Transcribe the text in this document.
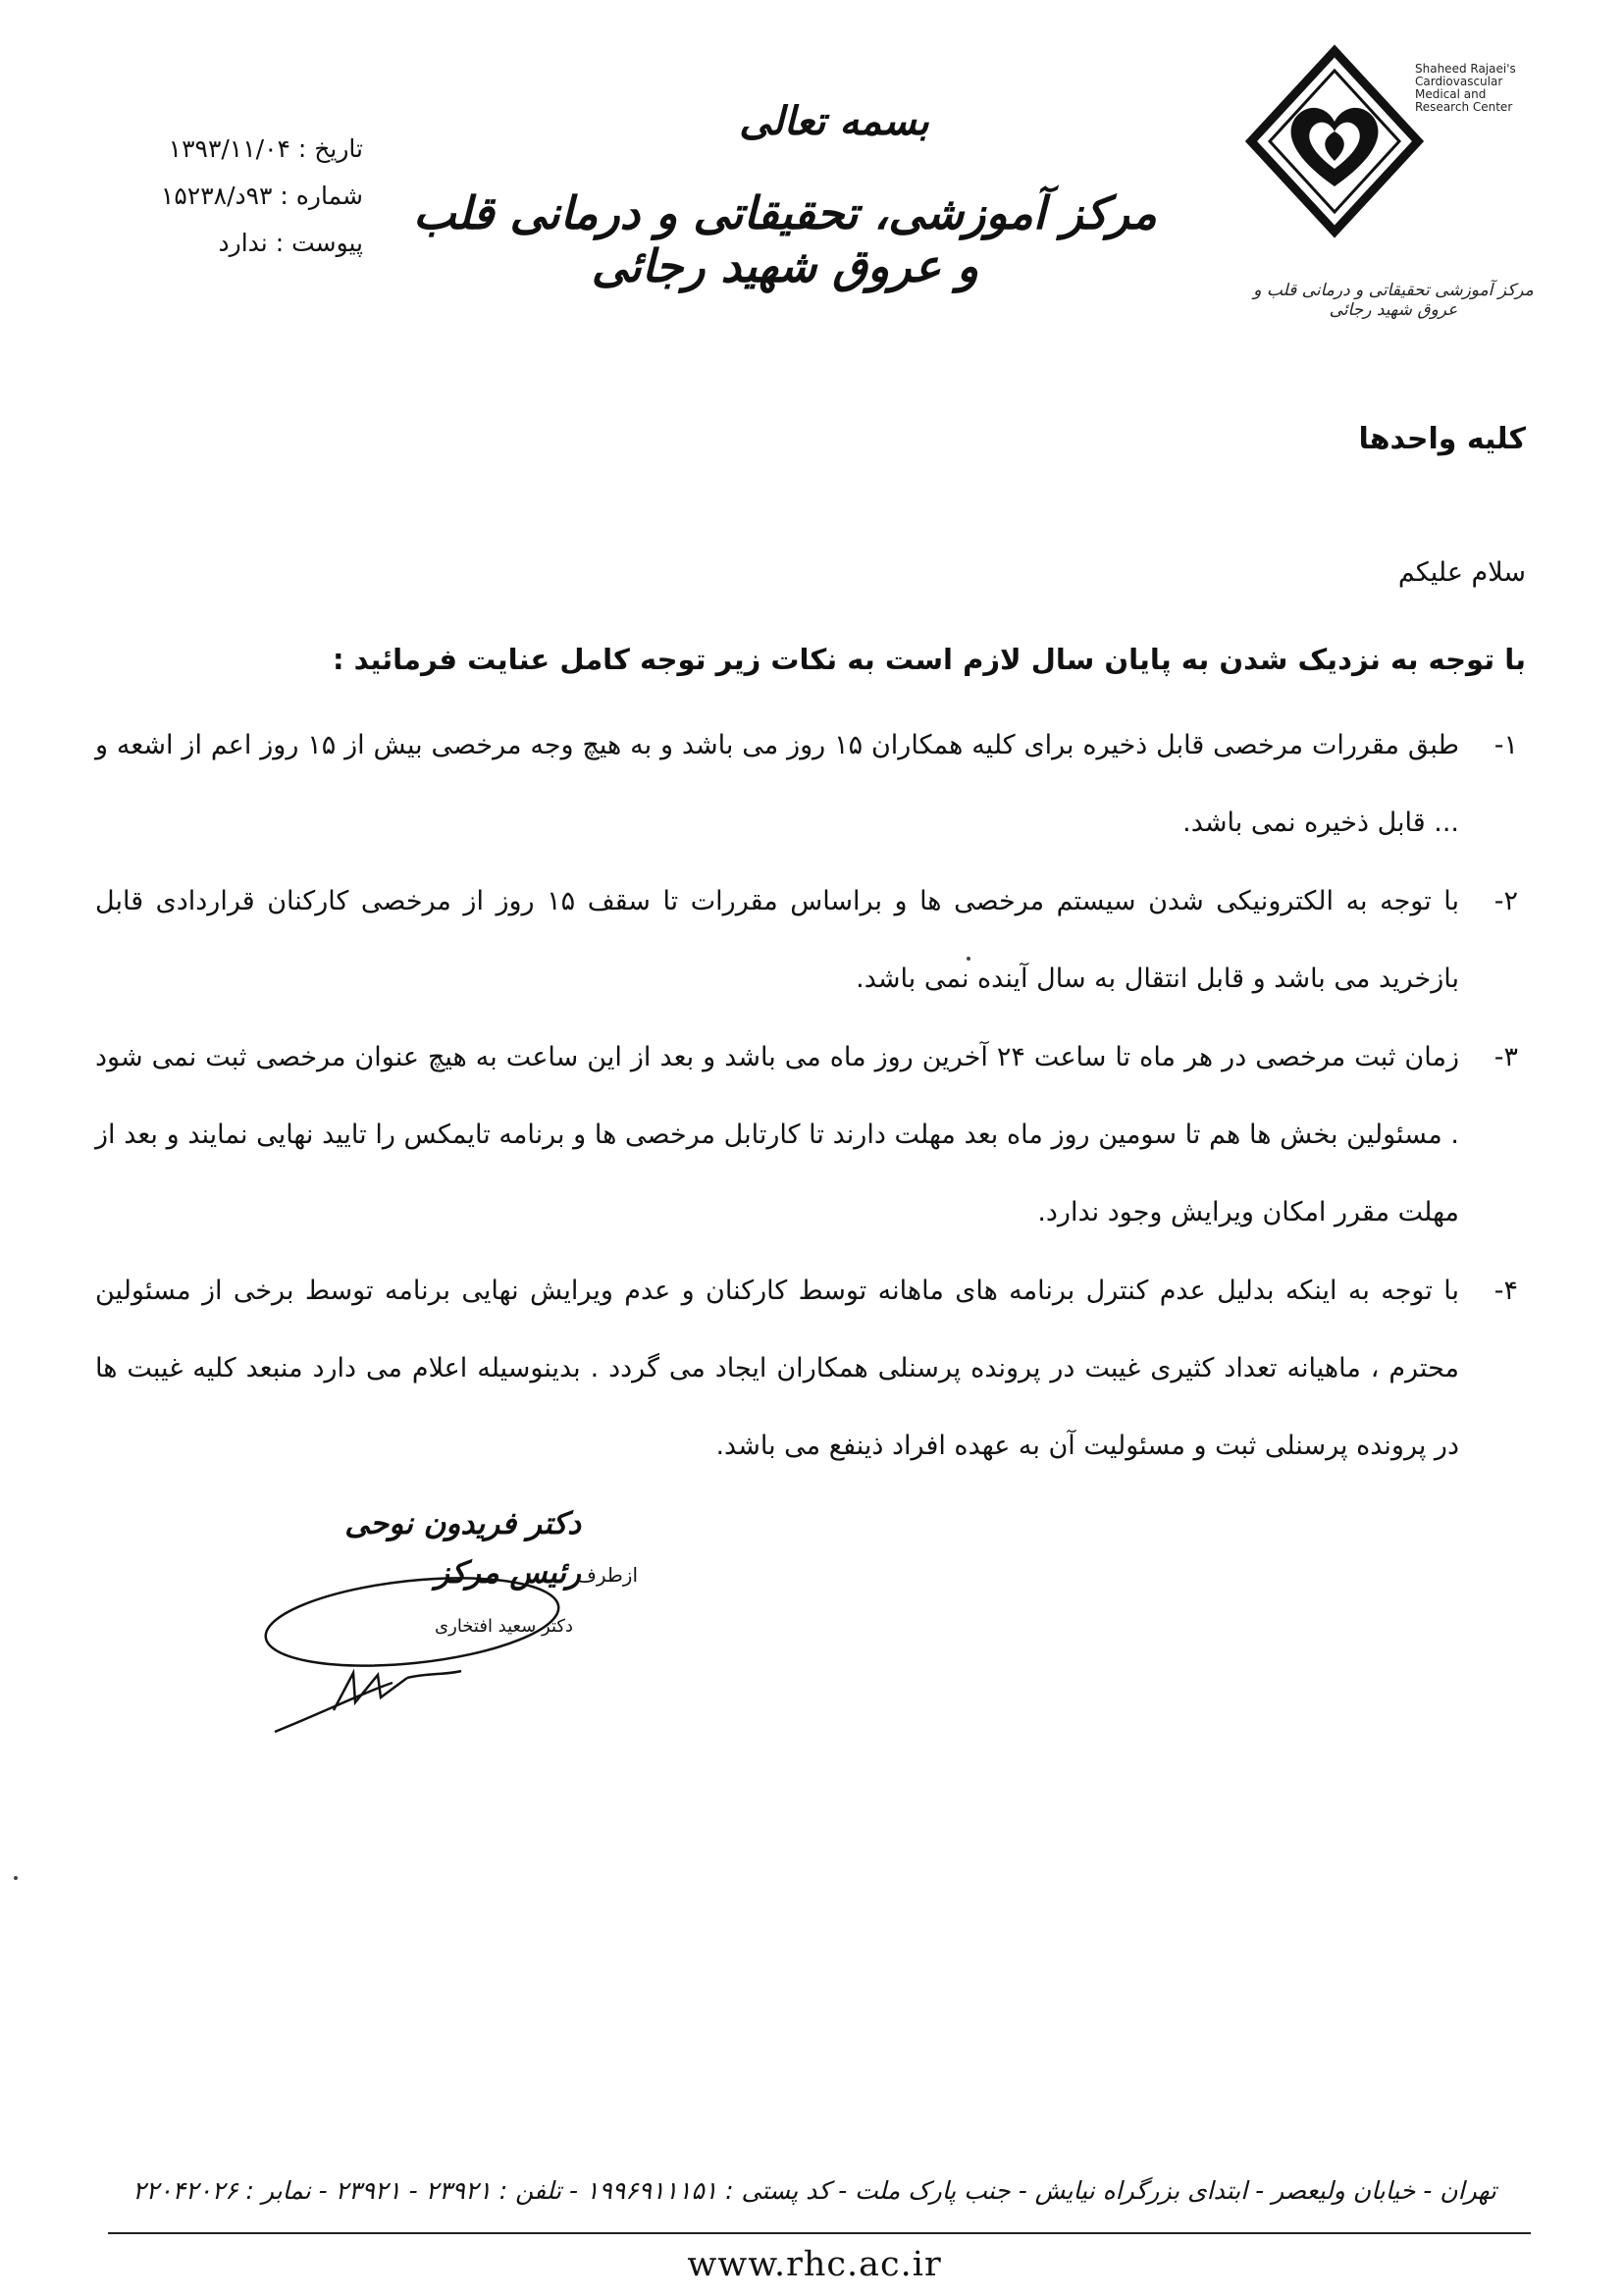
Shaheed Rajaei's Cardiovascular Medical and Research Center
مرکز آموزشی تحقیقاتی و درمانی قلب و عروق شهید رجائی
بسمه تعالی
مرکز آموزشی، تحقیقاتی و درمانی قلب و عروق شهید رجائی
تاریخ : ۱۳۹۳/۱۱/۰۴
شماره : ۹۳د/۱۵۲۳۸
پیوست : ندارد
کلیه واحدها
سلام علیکم
با توجه به نزدیک شدن به پایان سال لازم است به نکات زیر توجه کامل عنایت فرمائید :
۱-
طبق مقررات مرخصی قابل ذخیره برای کلیه همکاران ۱۵ روز می باشد و به هیچ وجه مرخصی بیش از ۱۵ روز اعم از اشعه و ... قابل ذخیره نمی باشد.
۲-
با توجه به الکترونیکی شدن سیستم مرخصی ها و براساس مقررات تا سقف ۱۵ روز از مرخصی کارکنان قراردادی قابل بازخرید می باشد و قابل انتقال به سال آینده نمی باشد.
۳-
زمان ثبت مرخصی در هر ماه تا ساعت ۲۴ آخرین روز ماه می باشد و بعد از این ساعت به هیچ عنوان مرخصی ثبت نمی شود . مسئولین بخش ها هم تا سومین روز ماه بعد مهلت دارند تا کارتابل مرخصی ها و برنامه تایمکس را تایید نهایی نمایند و بعد از مهلت مقرر امکان ویرایش وجود ندارد.
۴-
با توجه به اینکه بدلیل عدم کنترل برنامه های ماهانه توسط کارکنان و عدم ویرایش نهایی برنامه توسط برخی از مسئولین محترم ، ماهیانه تعداد کثیری غیبت در پرونده پرسنلی همکاران ایجاد می گردد . بدینوسیله اعلام می دارد منبعد کلیه غیبت ها در پرونده پرسنلی ثبت و مسئولیت آن به عهده افراد ذینفع می باشد.
دکتر فریدون نوحی
رئیس مرکز
ازطرف
دکتر سعید افتخاری
تهران - خیابان ولیعصر - ابتدای بزرگراه نیایش - جنب پارک ملت - کد پستی : ۱۹۹۶۹۱۱۱۵۱ - تلفن : ۲۳۹۲۱ - ۲۳۹۲۱ - نمابر : ۲۲۰۴۲۰۲۶
www.rhc.ac.ir
